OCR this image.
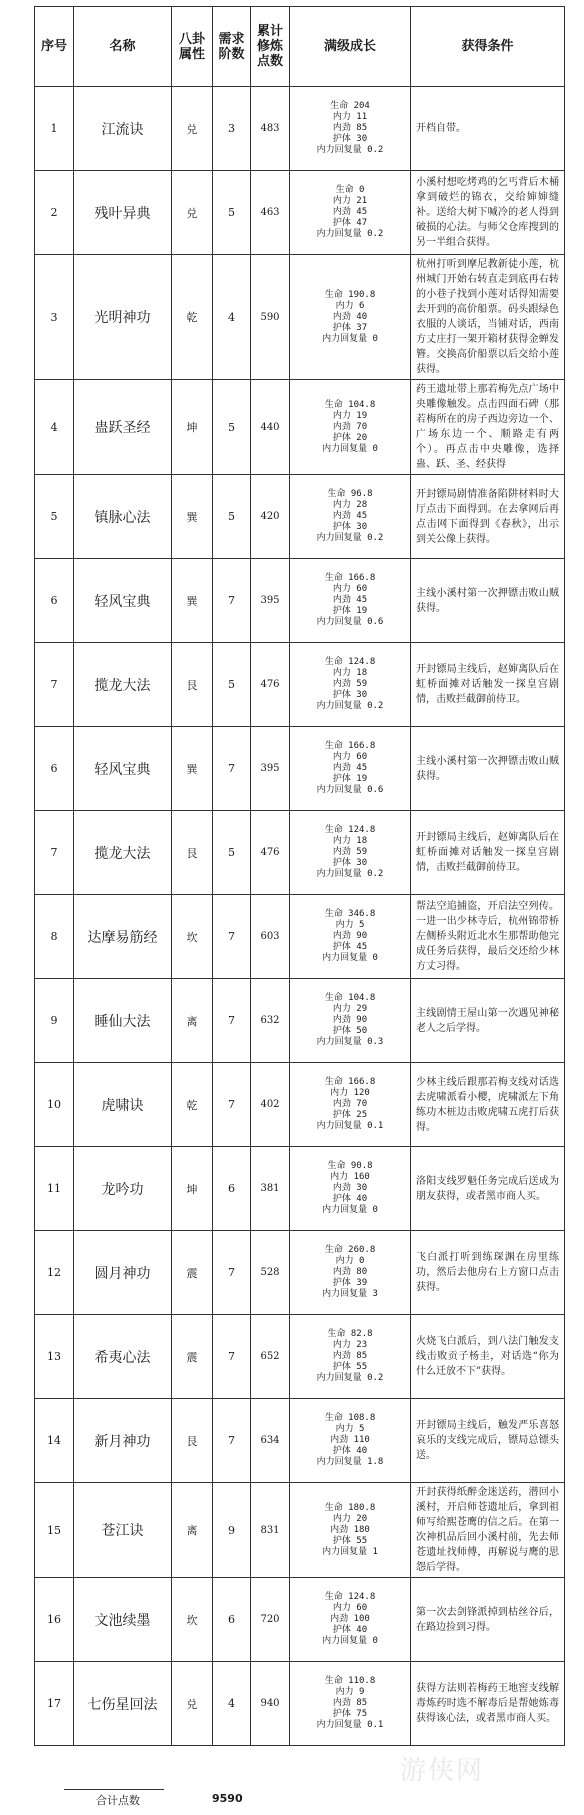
序号	名称	八卦属性	需求阶数	累计修炼点数	满级成长	获得条件
1	江流诀	兑	3	483	生命 204
内力 11
内劲 85
护体 30
内力回复量 0.2	开档自带。
2	残叶异典	兑	5	463	生命 0
内力 21
内劲 45
护体 47
内力回复量 0.2	小溪村想吃烤鸡的乞丐背后木桶拿到破烂的锦衣，交给婶婶缝补。送给大树下喊冷的老人得到破损的心法。与师父仓库搜到的另一半组合获得。
3	光明神功	乾	4	590	生命 190.8
内力 6
内劲 40
护体 37
内力回复量 0	杭州打听到摩尼教新徒小莲，杭州城门开始右转直走到底再右转的小巷子找到小莲对话得知需要去开到的高价船票。码头跟绿色衣服的人谈话，当铺对话，西南方丈庄打一架开箱材获得金蝉发簪。交换高价船票以后交给小莲获得。
4	蛊跃圣经	坤	5	440	生命 104.8
内力 19
内劲 70
护体 20
内力回复量 0	药王遗址带上那若梅先点广场中央雕像触发。点击四面石碑（那若梅所在的房子西边旁边一个、广场东边一个、顺路走有两个）。再点击中央雕像，选择蛊、跃、圣、经获得
5	镇脉心法	巽	5	420	生命 96.8
内力 28
内劲 45
护体 30
内力回复量 0.2	开封镖局剧情准备陷阱材料时大厅点击下面得到。在去拿网后再点击网下面得到《春秋》，出示到关公像上获得。
6	轻风宝典	巽	7	395	生命 166.8
内力 60
内劲 45
护体 19
内力回复量 0.6	主线小溪村第一次押镖击败山贼获得。
7	揽龙大法	艮	5	476	生命 124.8
内力 18
内劲 59
护体 30
内力回复量 0.2	开封镖局主线后，赵婶离队后在虹桥面摊对话触发一探皇宫剧情，击败拦截御前侍卫。
6	轻风宝典	巽	7	395	生命 166.8
内力 60
内劲 45
护体 19
内力回复量 0.6	主线小溪村第一次押镖击败山贼获得。
7	揽龙大法	艮	5	476	生命 124.8
内力 18
内劲 59
护体 30
内力回复量 0.2	开封镖局主线后，赵婶离队后在虹桥面摊对话触发一探皇宫剧情，击败拦截御前侍卫。
8	达摩易筋经	坎	7	603	生命 346.8
内力 5
内劲 90
护体 45
内力回复量 0	帮法空追捕盗，开启法空列传。一进一出少林寺后，杭州锦带桥左侧桥头附近北水生那帮助他完成任务后获得，最后交还给少林方丈习得。
9	睡仙大法	离	7	632	生命 104.8
内力 29
内劲 90
护体 50
内力回复量 0.3	主线剧情王屋山第一次遇见神秘老人之后学得。
10	虎啸诀	乾	7	402	生命 166.8
内力 120
内劲 70
护体 25
内力回复量 0.1	少林主线后跟那若梅支线对话选去虎啸派看小樱，虎啸派左下角练功木桩边击败虎啸五虎打后获得。
11	龙吟功	坤	6	381	生命 90.8
内力 160
内劲 30
护体 40
内力回复量 0	洛阳支线罗魁任务完成后送成为朋友获得，或者黑市商人买。
12	圆月神功	震	7	528	生命 260.8
内力 0
内劲 80
护体 39
内力回复量 3	飞白派打听到练琛渊在房里练功，然后去他房右上方窗口点击获得。
13	希夷心法	震	7	652	生命 82.8
内力 23
内劲 85
护体 55
内力回复量 0.2	火烧飞白派后，到八法门触发支线击败贡子杨圭，对话选“你为什么迁放不下”获得。
14	新月神功	艮	7	634	生命 108.8
内力 5
内劲 110
护体 40
内力回复量 1.8	开封镖局主线后，触发严乐喜怒哀乐的支线完成后，镖局总镖头送。
15	苍江诀	离	9	831	生命 180.8
内力 20
内劲 180
护体 55
内力回复量 1	开封获得纸醉金迷送药，潜回小溪村，开启师苍遗址后，拿到祖师写给熙苍鹰的信之后。在第一次神机品后回小溪村前，先去师苍遗址找师傅，再解说与鹰的思怨后学得。
16	文池续墨	坎	6	720	生命 124.8
内力 60
内劲 100
护体 40
内力回复量 0	第一次去剑锋派掉到枯丝谷后，在路边捡到习得。
17	七伤星回法	兑	4	940	生命 110.8
内力 9
内劲 85
护体 75
内力回复量 0.1	获得方法则若梅药王地窖支线解毒炼药时选不解毒后是帮她炼毒获得该心法，或者黑市商人买。
合计点数	9590
游侠网
